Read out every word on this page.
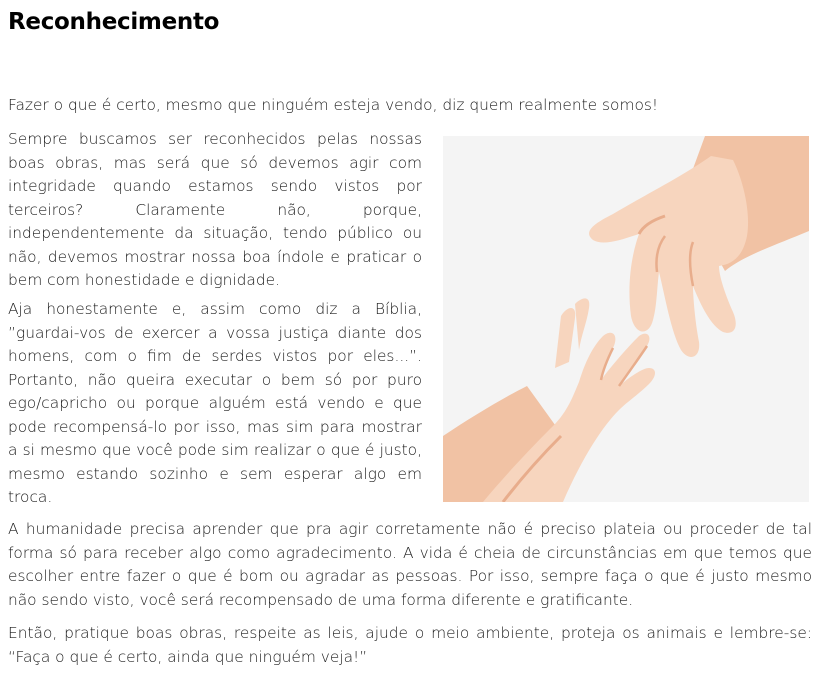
Reconhecimento

Fazer o que é certo, mesmo que ninguém esteja vendo, diz quem realmente somos!

Sempre buscamos ser reconhecidos pelas nossas boas obras, mas será que só devemos agir com integridade quando estamos sendo vistos por terceiros? Claramente não, porque, independentemente da situação, tendo público ou não, devemos mostrar nossa boa índole e praticar o bem com honestidade e dignidade.

Aja honestamente e, assim como diz a Bíblia, ”guardai-vos de exercer a vossa justiça diante dos homens, com o fim de serdes vistos por eles...”. Portanto, não queira executar o bem só por puro ego/capricho ou porque alguém está vendo e que pode recompensá-lo por isso, mas sim para mostrar a si mesmo que você pode sim realizar o que é justo, mesmo estando sozinho e sem esperar algo em troca.

A humanidade precisa aprender que pra agir corretamente não é preciso plateia ou proceder de tal forma só para receber algo como agradecimento. A vida é cheia de circunstâncias em que temos que escolher entre fazer o que é bom ou agradar as pessoas. Por isso, sempre faça o que é justo mesmo não sendo visto, você será recompensado de uma forma diferente e gratificante.

Então, pratique boas obras, respeite as leis, ajude o meio ambiente, proteja os animais e lembre-se: “Faça o que é certo, ainda que ninguém veja!”
